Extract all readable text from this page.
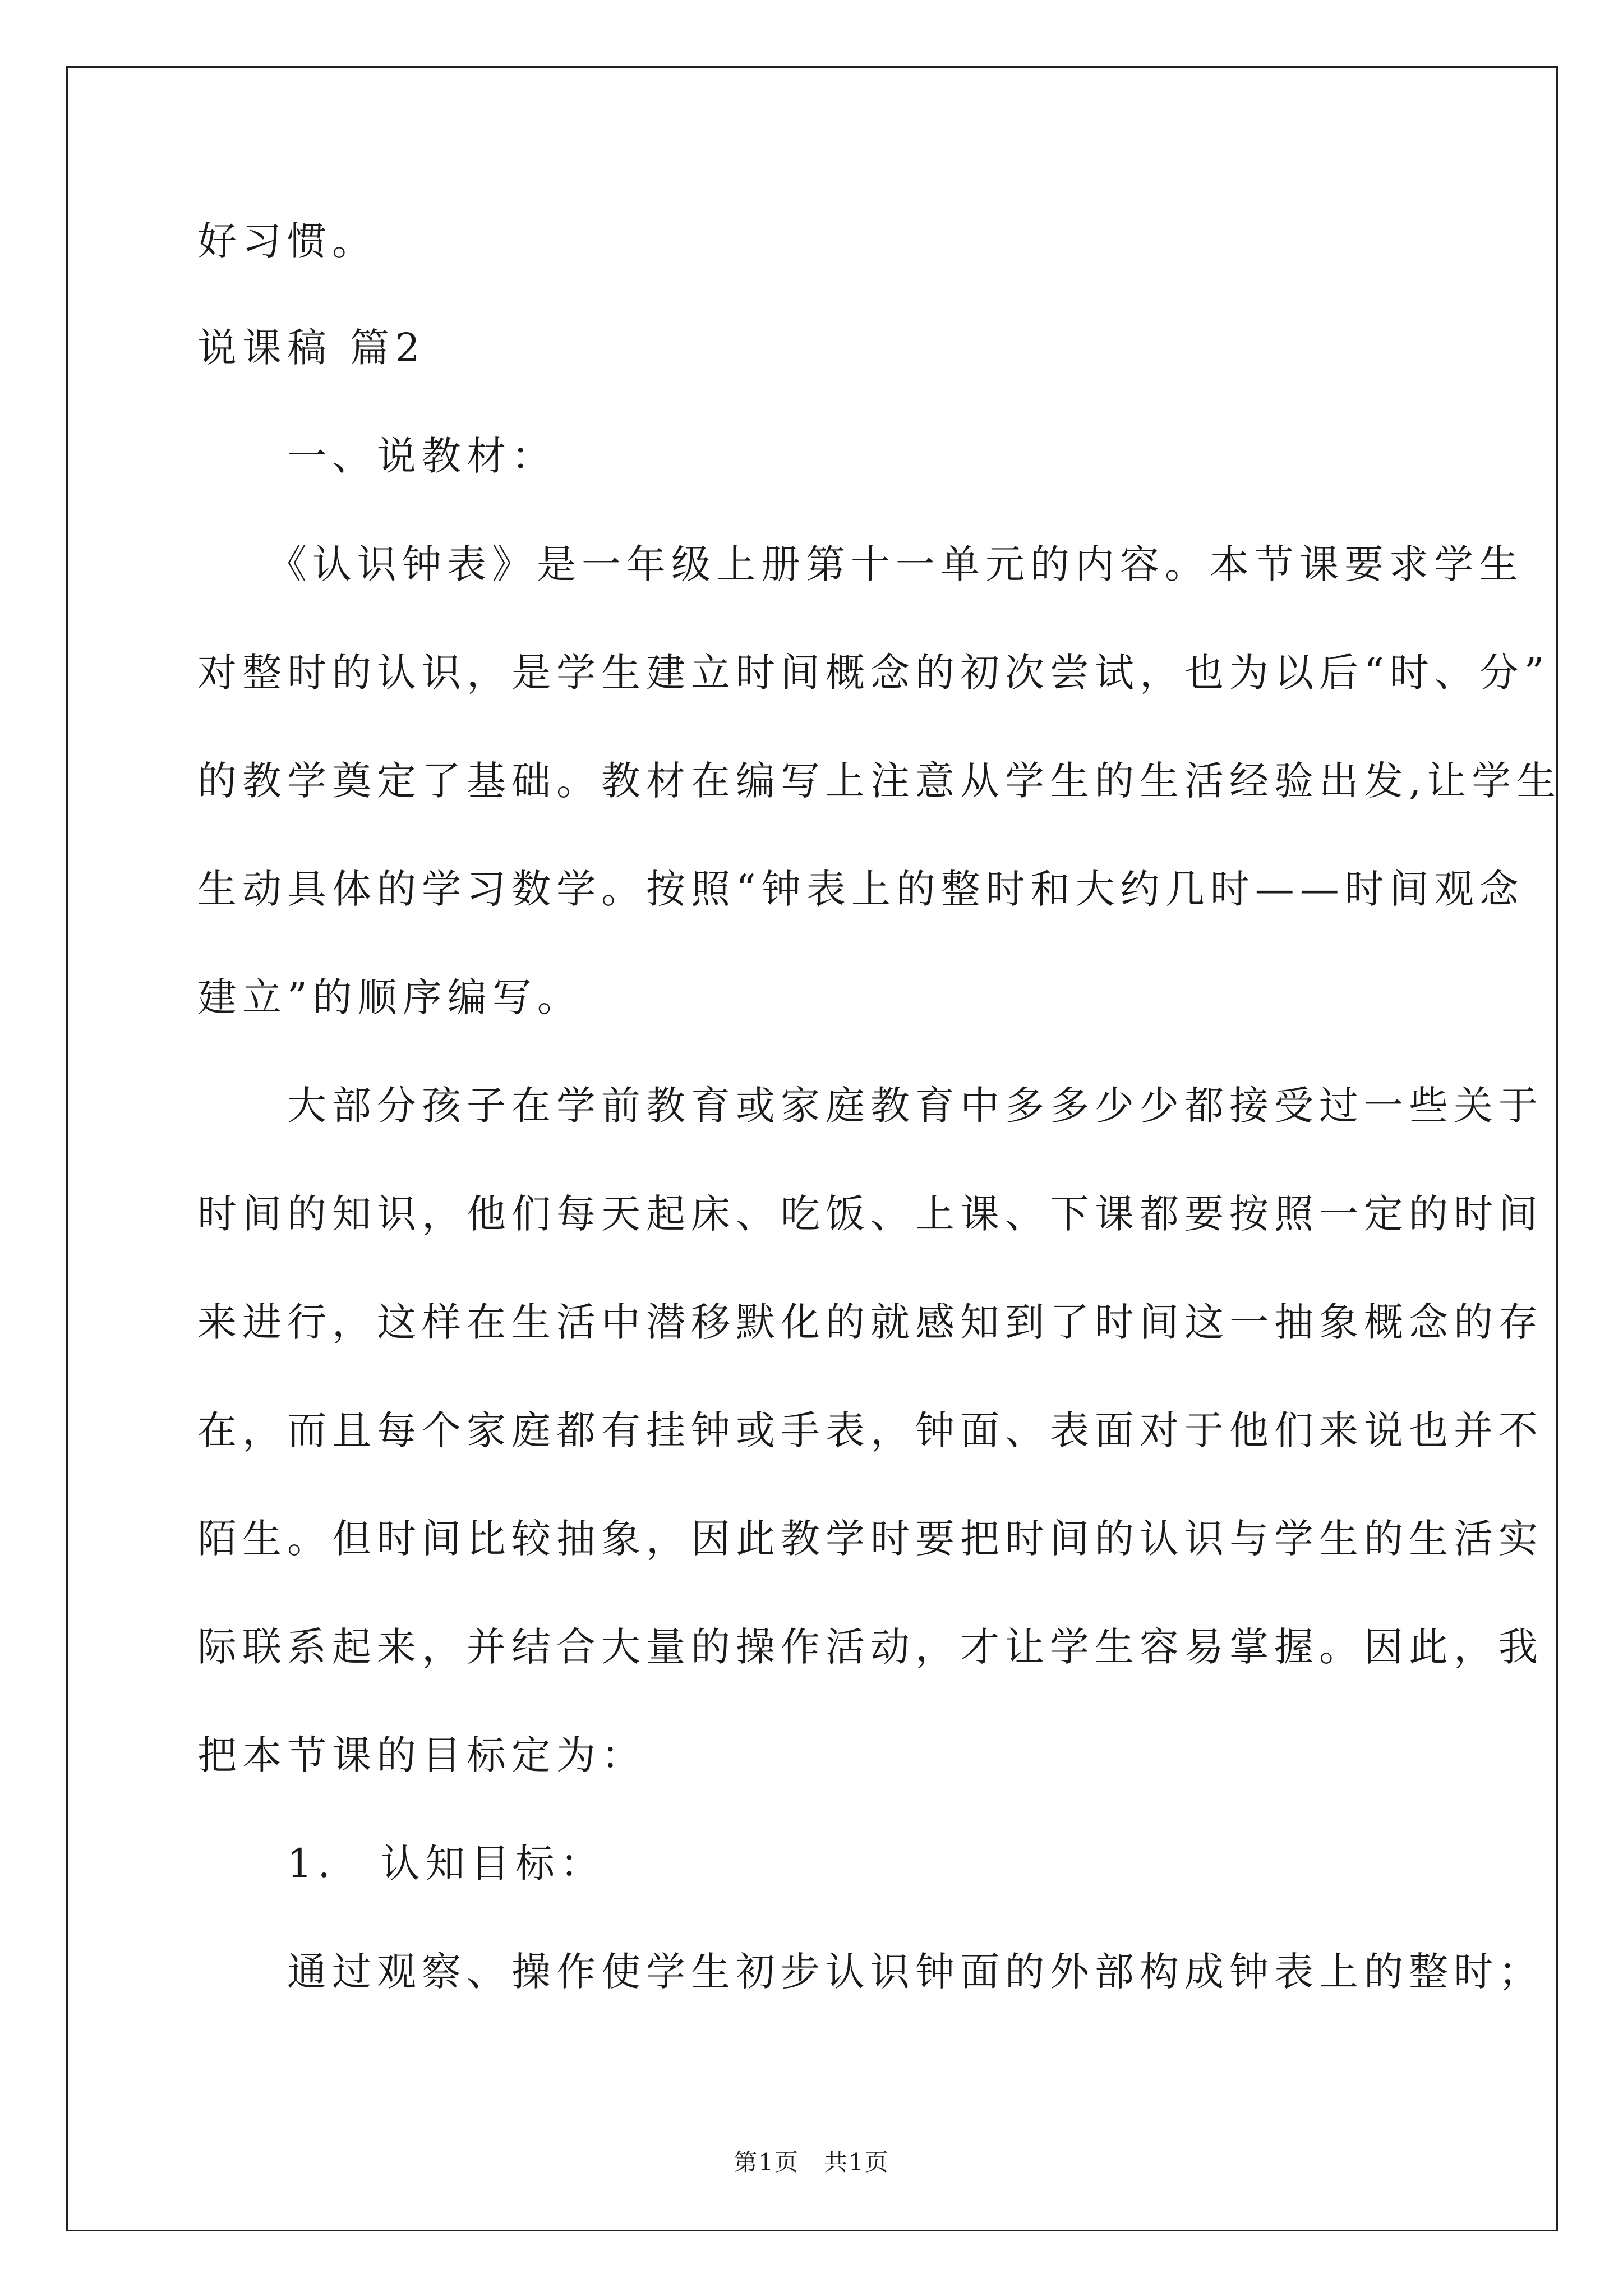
好习惯。
说课稿 篇2
　　一、说教材：
　　《认识钟表》是一年级上册第十一单元的内容。本节课要求学生
对整时的认识，是学生建立时间概念的初次尝试，也为以后“时、分”
的教学奠定了基础。教材在编写上注意从学生的生活经验出发,让学生
生动具体的学习数学。按照“钟表上的整时和大约几时——时间观念
建立”的顺序编写。
　　大部分孩子在学前教育或家庭教育中多多少少都接受过一些关于
时间的知识，他们每天起床、吃饭、上课、下课都要按照一定的时间
来进行，这样在生活中潜移默化的就感知到了时间这一抽象概念的存
在，而且每个家庭都有挂钟或手表，钟面、表面对于他们来说也并不
陌生。但时间比较抽象，因此教学时要把时间的认识与学生的生活实
际联系起来，并结合大量的操作活动，才让学生容易掌握。因此，我
把本节课的目标定为：
　　1.　认知目标：
　　通过观察、操作使学生初步认识钟面的外部构成钟表上的整时；
第1页　共1页
